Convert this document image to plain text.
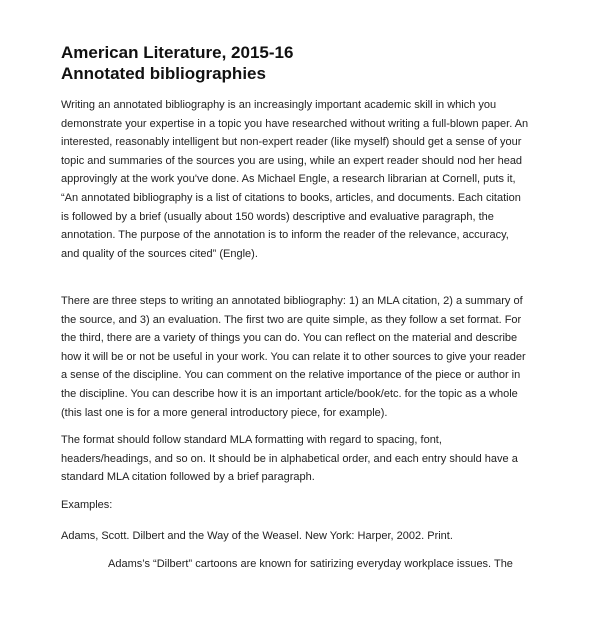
American Literature, 2015-16
Annotated bibliographies
Writing an annotated bibliography is an increasingly important academic skill in which you
demonstrate your expertise in a topic you have researched without writing a full-blown paper. An
interested, reasonably intelligent but non-expert reader (like myself) should get a sense of your
topic and summaries of the sources you are using, while an expert reader should nod her head
approvingly at the work you've done. As Michael Engle, a research librarian at Cornell, puts it,
“An annotated bibliography is a list of citations to books, articles, and documents. Each citation
is followed by a brief (usually about 150 words) descriptive and evaluative paragraph, the
annotation. The purpose of the annotation is to inform the reader of the relevance, accuracy,
and quality of the sources cited” (Engle).
There are three steps to writing an annotated bibliography: 1) an MLA citation, 2) a summary of
the source, and 3) an evaluation. The first two are quite simple, as they follow a set format. For
the third, there are a variety of things you can do. You can reflect on the material and describe
how it will be or not be useful in your work. You can relate it to other sources to give your reader
a sense of the discipline. You can comment on the relative importance of the piece or author in
the discipline. You can describe how it is an important article/book/etc. for the topic as a whole
(this last one is for a more general introductory piece, for example).
The format should follow standard MLA formatting with regard to spacing, font,
headers/headings, and so on. It should be in alphabetical order, and each entry should have a
standard MLA citation followed by a brief paragraph.
Examples:
Adams, Scott. Dilbert and the Way of the Weasel. New York: Harper, 2002. Print.
Adams’s “Dilbert” cartoons are known for satirizing everyday workplace issues. The
